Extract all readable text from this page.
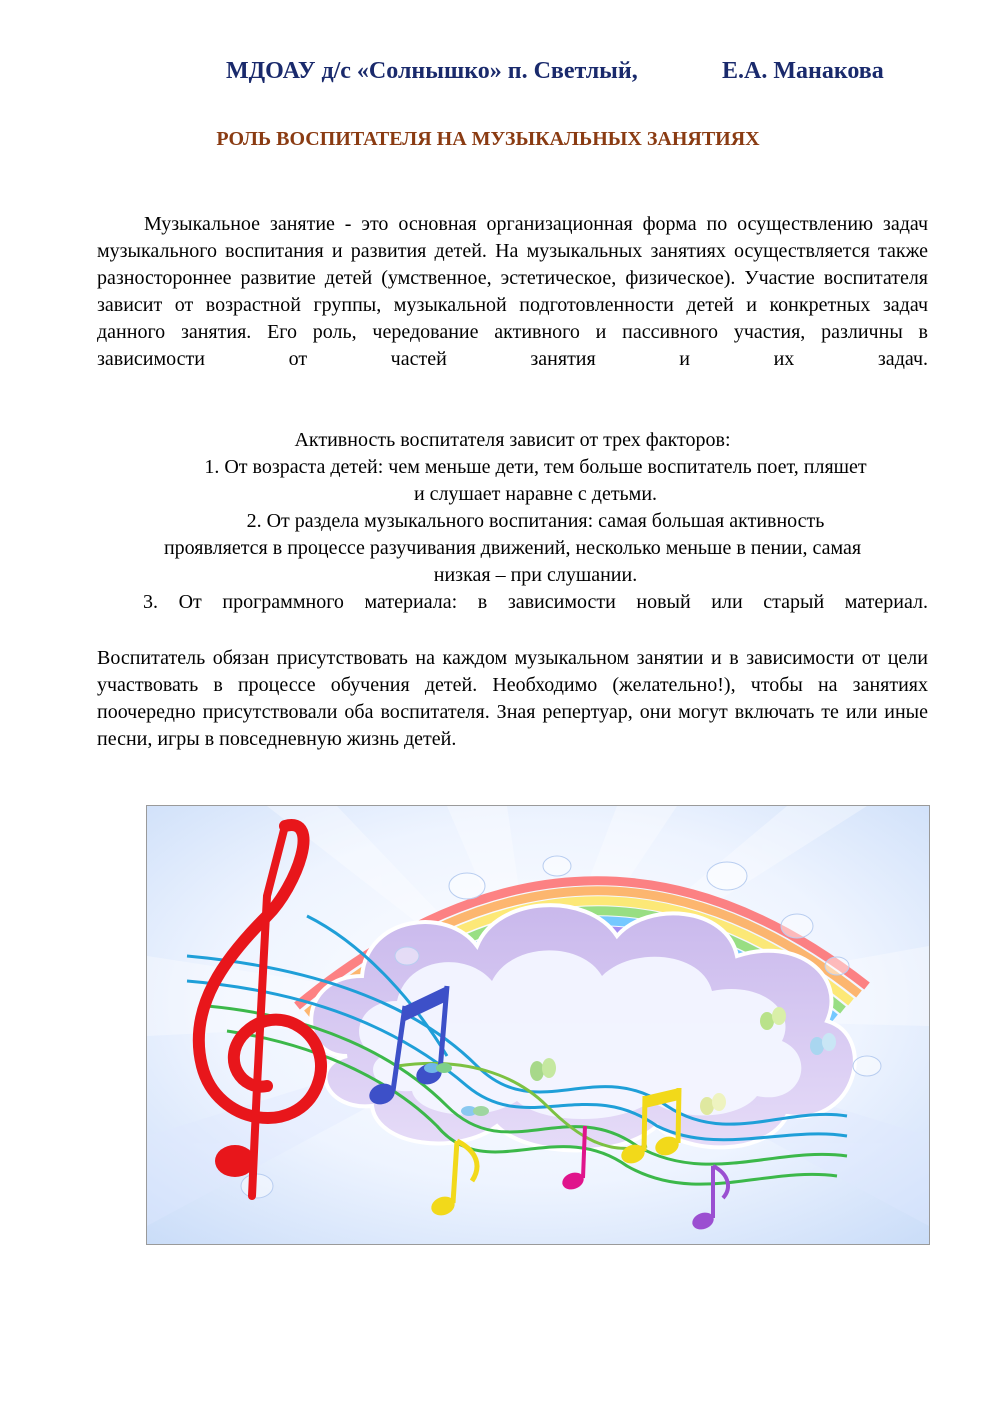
МДОАУ д/с «Солнышко» п. Светлый,	Е.А. Манакова
РОЛЬ ВОСПИТАТЕЛЯ НА МУЗЫКАЛЬНЫХ ЗАНЯТИЯХ
Музыкальное занятие - это основная организационная форма по осуществлению задач музыкального воспитания и развития детей. На музыкальных занятиях осуществляется также разностороннее развитие детей (умственное, эстетическое, физическое). Участие воспитателя зависит от возрастной группы, музыкальной подготовленности детей и конкретных задач данного занятия. Его роль, чередование активного и пассивного участия, различны в зависимости от частей занятия и их задач.
Активность воспитателя зависит от трех факторов:
1. От возраста детей: чем меньше дети, тем больше воспитатель поет, пляшет
и слушает наравне с детьми.
2. От раздела музыкального воспитания: самая большая активность
проявляется в процессе разучивания движений, несколько меньше в пении, самая
низкая – при слушании.
3. От программного материала: в зависимости новый или старый материал.
Воспитатель обязан присутствовать на каждом музыкальном занятии и в зависимости от цели участвовать в процессе обучения детей. Необходимо (желательно!), чтобы на занятиях поочередно присутствовали оба воспитателя. Зная репертуар, они могут включать те или иные песни, игры в повседневную жизнь детей.
